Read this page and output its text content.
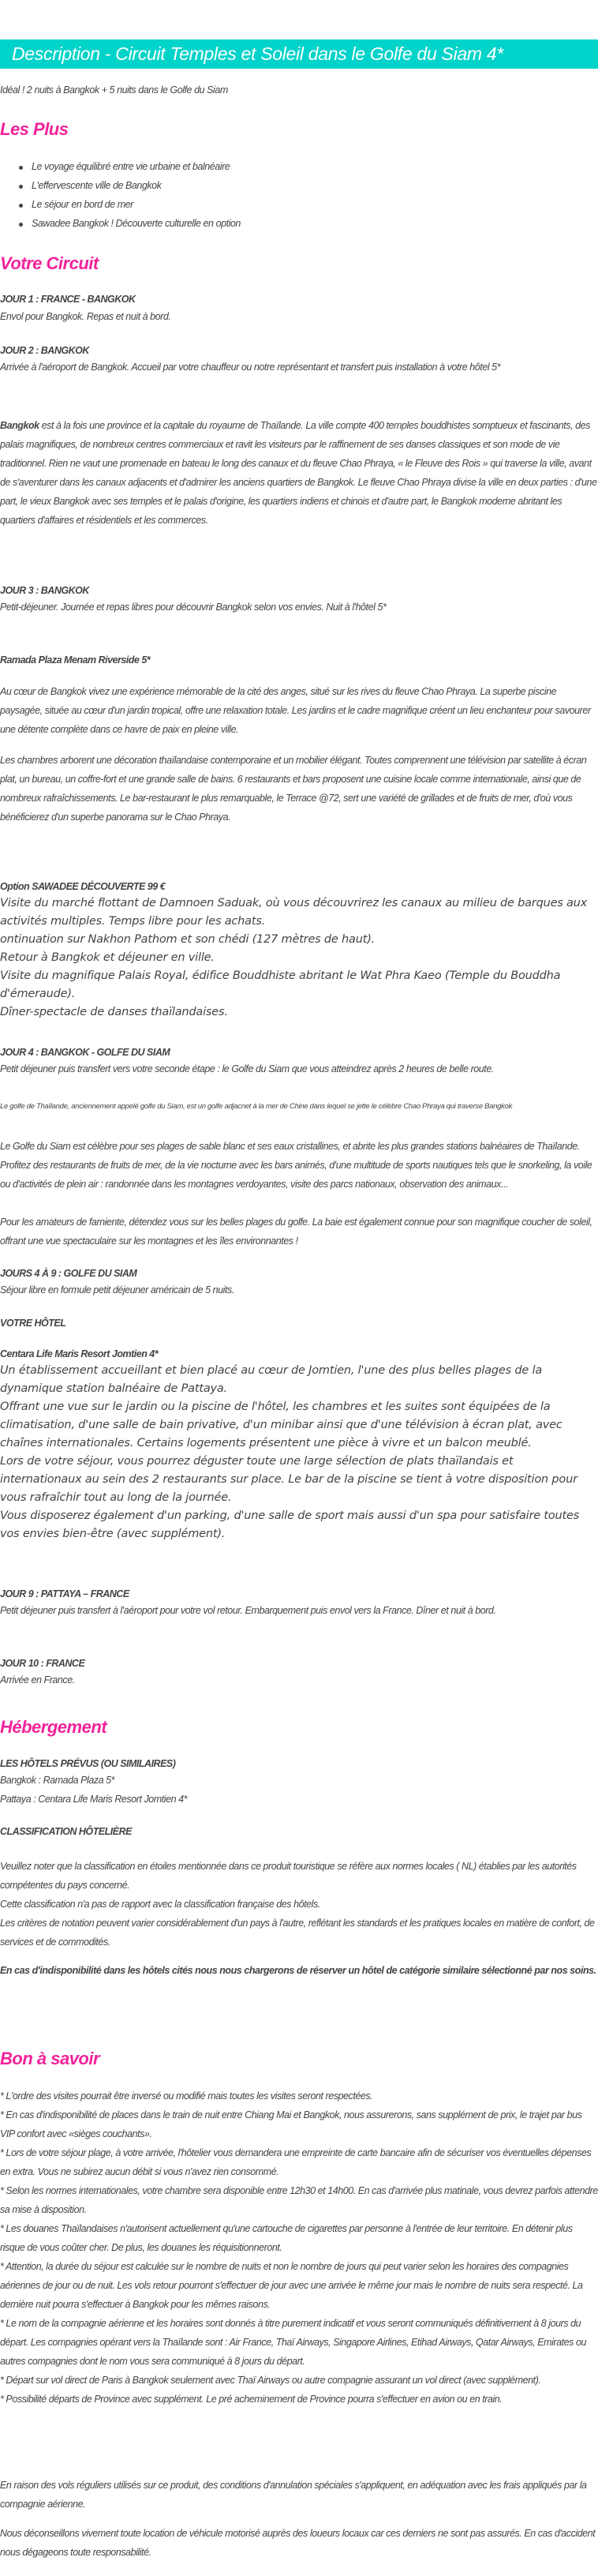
Description - Circuit Temples et Soleil dans le Golfe du Siam 4*

Idéal ! 2 nuits à Bangkok + 5 nuits dans le Golfe du Siam

Les Plus
Le voyage équilibré entre vie urbaine et balnéaire
L'effervescente ville de Bangkok
Le séjour en bord de mer
Sawadee Bangkok ! Découverte culturelle en option
Votre Circuit
JOUR 1 : FRANCE - BANGKOK

Envol pour Bangkok. Repas et nuit à bord.

JOUR 2 : BANGKOK

Arrivée à l'aéroport de Bangkok. Accueil par votre chauffeur ou notre représentant et transfert puis installation à votre hôtel 5*

Bangkok est à la fois une province et la capitale du royaume de Thaïlande. La ville compte 400 temples bouddhistes somptueux et fascinants, des palais magnifiques, de nombreux centres commerciaux et ravit les visiteurs par le raffinement de ses danses classiques et son mode de vie traditionnel. Rien ne vaut une promenade en bateau le long des canaux et du fleuve Chao Phraya, « le Fleuve des Rois » qui traverse la ville, avant de s'aventurer dans les canaux adjacents et d'admirer les anciens quartiers de Bangkok. Le fleuve Chao Phraya divise la ville en deux parties : d'une part, le vieux Bangkok avec ses temples et le palais d'origine, les quartiers indiens et chinois et d'autre part, le Bangkok moderne abritant les quartiers d'affaires et résidentiels et les commerces.

JOUR 3 : BANGKOK

Petit-déjeuner. Journée et repas libres pour découvrir Bangkok selon vos envies. Nuit à l'hôtel 5*

Ramada Plaza Menam Riverside 5*

Au cœur de Bangkok vivez une expérience mémorable de la cité des anges, situé sur les rives du fleuve Chao Phraya. La superbe piscine paysagée, située au cœur d'un jardin tropical, offre une relaxation totale. Les jardins et le cadre magnifique créent un lieu enchanteur pour savourer une détente complète dans ce havre de paix en pleine ville.

Les chambres arborent une décoration thaïlandaise contemporaine et un mobilier élégant. Toutes comprennent une télévision par satellite à écran plat, un bureau, un coffre-fort et une grande salle de bains. 6 restaurants et bars proposent une cuisine locale comme internationale, ainsi que de nombreux rafraîchissements. Le bar-restaurant le plus remarquable, le Terrace @72, sert une variété de grillades et de fruits de mer, d'où vous bénéficierez d'un superbe panorama sur le Chao Phraya.

Option SAWADEE DÉCOUVERTE 99 €

Visite du marché flottant de Damnoen Saduak, où vous découvrirez les canaux au milieu de barques aux activités multiples. Temps libre pour les achats.

ontinuation sur Nakhon Pathom et son chédi (127 mètres de haut).

Retour à Bangkok et déjeuner en ville.

Visite du magnifique Palais Royal, édifice Bouddhiste abritant le Wat Phra Kaeo (Temple du Bouddha d'émeraude).

Dîner-spectacle de danses thaïlandaises.

JOUR 4 : BANGKOK - GOLFE DU SIAM

Petit déjeuner puis transfert vers votre seconde étape : le Golfe du Siam que vous atteindrez après 2 heures de belle route.

Le golfe de Thaïlande, anciennement appelé golfe du Siam, est un golfe adjacnet à la mer de Chine dans lequel se jette le célèbre Chao Phraya qui traverse Bangkok

Le Golfe du Siam est célèbre pour ses plages de sable blanc et ses eaux cristallines, et abrite les plus grandes stations balnéaires de Thaïlande. Profitez des restaurants de fruits de mer, de la vie nocturne avec les bars animés, d'une multitude de sports nautiques tels que le snorkeling, la voile ou d'activités de plein air : randonnée dans les montagnes verdoyantes, visite des parcs nationaux, observation des animaux...

Pour les amateurs de farniente, détendez vous sur les belles plages du golfe. La baie est également connue pour son magnifique coucher de soleil, offrant une vue spectaculaire sur les montagnes et les îles environnantes !

JOURS 4 À 9 : GOLFE DU SIAM

Séjour libre en formule petit déjeuner américain de 5 nuits.

VOTRE HÔTEL
Centara Life Maris Resort Jomtien 4*

Un établissement accueillant et bien placé au cœur de Jomtien, l'une des plus belles plages de la dynamique station balnéaire de Pattaya.

Offrant une vue sur le jardin ou la piscine de l'hôtel, les chambres et les suites sont équipées de la climatisation, d'une salle de bain privative, d'un minibar ainsi que d'une télévision à écran plat, avec chaînes internationales. Certains logements présentent une pièce à vivre et un balcon meublé.

Lors de votre séjour, vous pourrez déguster toute une large sélection de plats thaïlandais et internationaux au sein des 2 restaurants sur place. Le bar de la piscine se tient à votre disposition pour vous rafraîchir tout au long de la journée.

Vous disposerez également d'un parking, d'une salle de sport mais aussi d'un spa pour satisfaire toutes vos envies bien-être (avec supplément).

JOUR 9 : PATTAYA – FRANCE

Petit déjeuner puis transfert à l'aéroport pour votre vol retour. Embarquement puis envol vers la France. Dîner et nuit à bord.

JOUR 10 : FRANCE

Arrivée en France.

Hébergement
LES HÔTELS PRÉVUS (OU SIMILAIRES)

Bangkok : Ramada Plaza 5*

Pattaya : Centara Life Maris Resort Jomtien 4*

CLASSIFICATION HÔTELIÈRE

Veuillez noter que la classification en étoiles mentionnée dans ce produit touristique se réfère aux normes locales ( NL) établies par les autorités compétentes du pays concerné.

Cette classification n'a pas de rapport avec la classification française des hôtels.

Les critères de notation peuvent varier considérablement d'un pays à l'autre, reflétant les standards et les pratiques locales en matière de confort, de services et de commodités.

En cas d'indisponibilité dans les hôtels cités nous nous chargerons de réserver un hôtel de catégorie similaire sélectionné par nos soins.

Bon à savoir

* L'ordre des visites pourrait être inversé ou modifié mais toutes les visites seront respectées.

* En cas d'indisponibilité de places dans le train de nuit entre Chiang Mai et Bangkok, nous assurerons, sans supplément de prix, le trajet par bus VIP confort avec «sièges couchants».

* Lors de votre séjour plage, à votre arrivée, l'hôtelier vous demandera une empreinte de carte bancaire afin de sécuriser vos éventuelles dépenses en extra. Vous ne subirez aucun débit si vous n'avez rien consommé.

* Selon les normes internationales, votre chambre sera disponible entre 12h30 et 14h00. En cas d'arrivée plus matinale, vous devrez parfois attendre sa mise à disposition.

* Les douanes Thaïlandaises n'autorisent actuellement qu'une cartouche de cigarettes par personne à l'entrée de leur territoire. En détenir plus risque de vous coûter cher. De plus, les douanes les réquisitionneront.

* Attention, la durée du séjour est calculée sur le nombre de nuits et non le nombre de jours qui peut varier selon les horaires des compagnies aériennes de jour ou de nuit. Les vols retour pourront s'effectuer de jour avec une arrivée le même jour mais le nombre de nuits sera respecté. La dernière nuit pourra s'effectuer à Bangkok pour les mêmes raisons.

* Le nom de la compagnie aérienne et les horaires sont donnés à titre purement indicatif et vous seront communiqués définitivement à 8 jours du départ. Les compagnies opérant vers la Thaïlande sont : Air France, Thaï Airways, Singapore Airlines, Etihad Airways, Qatar Airways, Emirates ou autres compagnies dont le nom vous sera communiqué à 8 jours du départ.

* Départ sur vol direct de Paris à Bangkok seulement avec Thaï Airways ou autre compagnie assurant un vol direct (avec supplément).

* Possibilité départs de Province avec supplément. Le pré acheminement de Province pourra s'effectuer en avion ou en train.

En raison des vols réguliers utilisés sur ce produit, des conditions d'annulation spéciales s'appliquent, en adéquation avec les frais appliqués par la compagnie aérienne.

Nous déconseillons vivement toute location de véhicule motorisé auprès des loueurs locaux car ces derniers ne sont pas assurés. En cas d'accident nous dégageons toute responsabilité.
